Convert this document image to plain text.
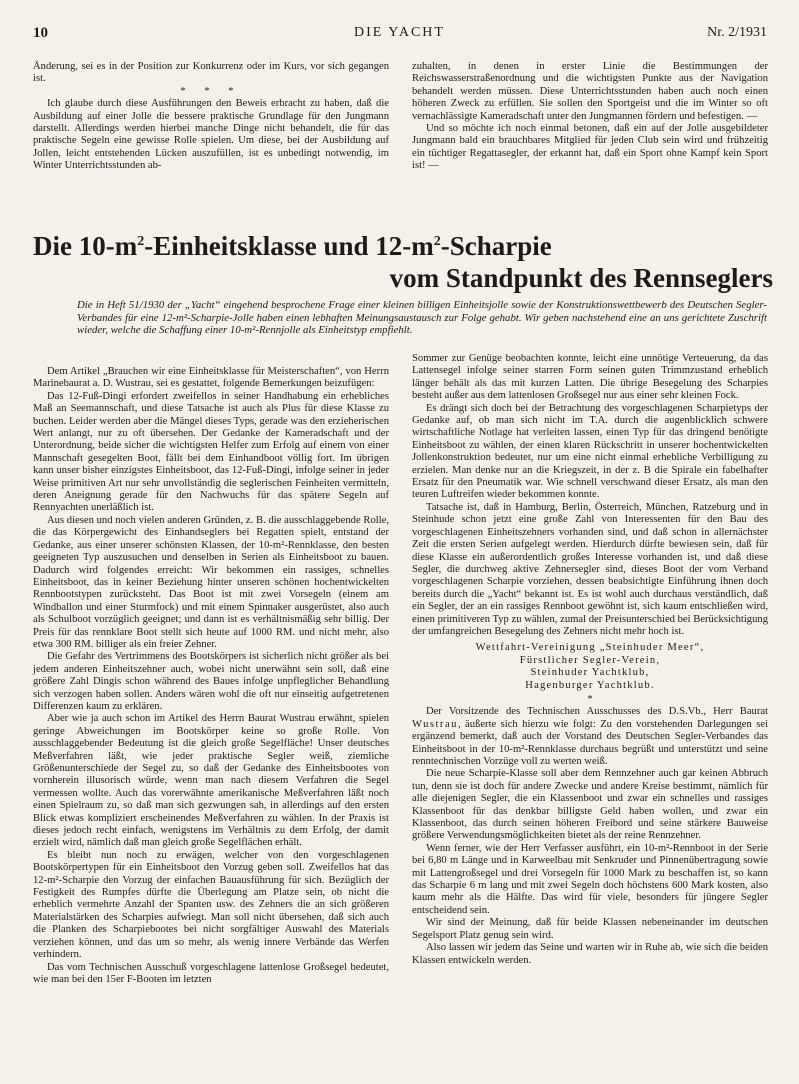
10	DIE YACHT	Nr. 2/1931

Änderung, sei es in der Position zur Konkurrenz oder im Kurs, vor sich gegangen ist.

* * *

Ich glaube durch diese Ausführungen den Beweis erbracht zu haben, daß die Ausbildung auf einer Jolle die bessere praktische Grundlage für den Jungmann darstellt. Allerdings werden hierbei manche Dinge nicht behandelt, die für das praktische Segeln eine gewisse Rolle spielen. Um diese, bei der Ausbildung auf Jollen, leicht entstehenden Lücken auszufüllen, ist es unbedingt notwendig, im Winter Unterrichtsstunden ab-

zuhalten, in denen in erster Linie die Bestimmungen der Reichswasserstraßenordnung und die wichtigsten Punkte aus der Navigation behandelt werden müssen. Diese Unterrichtsstunden haben auch noch einen höheren Zweck zu erfüllen. Sie sollen den Sportgeist und die im Winter so oft vernachlässigte Kameradschaft unter den Jungmannen fördern und befestigen. —

Und so möchte ich noch einmal betonen, daß ein auf der Jolle ausgebildeter Jungmann bald ein brauchbares Mitglied für jeden Club sein wird und frühzeitig ein tüchtiger Regattasegler, der erkannt hat, daß ein Sport ohne Kampf kein Sport ist! —

Die $10-m^2$-Einheitsklasse und $12-m^2$-Scharpie
vom Standpunkt des Rennseglers
Die in Heft 51/1930 der „Yacht“ eingehend besprochene Frage einer kleinen billigen Einheitsjolle sowie der Konstruktionswettbewerb des Deutschen Segler-Verbandes für eine 12-m²-Scharpie-Jolle haben einen lebhaften Meinungsaustausch zur Folge gehabt. Wir geben nachstehend eine an uns gerichtete Zuschrift wieder, welche die Schaffung einer 10-m²-Rennjolle als Einheitstyp empfiehlt.

Dem Artikel „Brauchen wir eine Einheitsklasse für Meisterschaften“, von Herrn Marinebaurat a. D. Wustrau, sei es gestattet, folgende Bemerkungen beizufügen:

Das 12-Fuß-Dingi erfordert zweifellos in seiner Handhabung ein erhebliches Maß an Seemannschaft, und diese Tatsache ist auch als Plus für diese Klasse zu buchen. Leider werden aber die Mängel dieses Typs, gerade was den erzieherischen Wert anlangt, nur zu oft übersehen. Der Gedanke der Kameradschaft und der Unterordnung, beide sicher die wichtigsten Helfer zum Erfolg auf einem von einer Mannschaft gesegelten Boot, fällt bei dem Einhandboot völlig fort. Im übrigen kann unser bisher einzigstes Einheitsboot, das 12-Fuß-Dingi, infolge seiner in jeder Weise primitiven Art nur sehr unvollständig die seglerischen Feinheiten vermitteln, deren Aneignung gerade für den Nachwuchs für das spätere Segeln auf Rennyachten unerläßlich ist.

Aus diesen und noch vielen anderen Gründen, z. B. die ausschlaggebende Rolle, die das Körpergewicht des Einhandseglers bei Regatten spielt, entstand der Gedanke, aus einer unserer schönsten Klassen, der 10-m²-Rennklasse, den besten geeigneten Typ auszusuchen und denselben in Serien als Einheitsboot zu bauen. Dadurch wird folgendes erreicht: Wir bekommen ein rassiges, schnelles Einheitsboot, das in keiner Beziehung hinter unseren schönen hochentwickelten Rennbootstypen zurücksteht. Das Boot ist mit zwei Vorsegeln (einem am Windballon und einer Sturmfock) und mit einem Spinnaker ausgerüstet, also auch als Schulboot vorzüglich geeignet; und dann ist es verhältnismäßig sehr billig. Der Preis für das rennklare Boot stellt sich heute auf 1000 RM. und nicht mehr, also etwa 300 RM. billiger als ein freier Zehner.

Die Gefahr des Vertrimmens des Bootskörpers ist sicherlich nicht größer als bei jedem anderen Einheitszehner auch, wobei nicht unerwähnt sein soll, daß eine größere Zahl Dingis schon während des Baues infolge unpfleglicher Behandlung sich verzogen haben sollen. Anders wären wohl die oft nur einseitig aufgetretenen Differenzen kaum zu erklären.

Aber wie ja auch schon im Artikel des Herrn Baurat Wustrau erwähnt, spielen geringe Abweichungen im Bootskörper keine so große Rolle. Von ausschlaggebender Bedeutung ist die gleich große Segelfläche! Unser deutsches Meßverfahren läßt, wie jeder praktische Segler weiß, ziemliche Größenunterschiede der Segel zu, so daß der Gedanke des Einheitsbootes von vornherein illusorisch würde, wenn man nach diesem Verfahren die Segel vermessen wollte. Auch das vorerwähnte amerikanische Meßverfahren läßt noch einen Spielraum zu, so daß man sich gezwungen sah, in allerdings auf den ersten Blick etwas kompliziert erscheinendes Meßverfahren zu wählen. In der Praxis ist dieses jedoch recht einfach, wenigstens im Verhältnis zu dem Erfolg, der damit erzielt wird, nämlich daß man gleich große Segelflächen erhält.

Es bleibt nun noch zu erwägen, welcher von den vorgeschlagenen Bootskörpertypen für ein Einheitsboot den Vorzug geben soll. Zweifellos hat das 12-m²-Scharpie den Vorzug der einfachen Bauausführung für sich. Bezüglich der Festigkeit des Rumpfes dürfte die Überlegung am Platze sein, ob nicht die erheblich vermehrte Anzahl der Spanten usw. des Zehners die an sich größeren Materialstärken des Scharpies aufwiegt. Man soll nicht übersehen, daß sich auch die Planken des Scharpiebootes bei nicht sorgfältiger Auswahl des Materials verziehen können, und das um so mehr, als wenig innere Verbände das Werfen verhindern.

Das vom Technischen Ausschuß vorgeschlagene lattenlose Großsegel bedeutet, wie man bei den 15er F-Booten im letzten

Sommer zur Genüge beobachten konnte, leicht eine unnötige Verteuerung, da das Lattensegel infolge seiner starren Form seinen guten Trimmzustand erheblich länger behält als das mit kurzen Latten. Die übrige Besegelung des Scharpies besteht außer aus dem lattenlosen Großsegel nur aus einer sehr kleinen Fock.

Es drängt sich doch bei der Betrachtung des vorgeschlagenen Scharpietyps der Gedanke auf, ob man sich nicht im T.A. durch die augenblicklich schwere wirtschaftliche Notlage hat verleiten lassen, einen Typ für das dringend benötigte Einheitsboot zu wählen, der einen klaren Rückschritt in unserer hochentwickelten Jollenkonstruktion bedeutet, nur um eine nicht einmal erhebliche Verbilligung zu erzielen. Man denke nur an die Kriegszeit, in der z. B die Spirale ein fabelhafter Ersatz für den Pneumatik war. Wie schnell verschwand dieser Ersatz, als man den teuren Luftreifen wieder bekommen konnte.

Tatsache ist, daß in Hamburg, Berlin, Österreich, München, Ratzeburg und in Steinhude schon jetzt eine große Zahl von Interessenten für den Bau des vorgeschlagenen Einheitszehners vorhanden sind, und daß schon in allernächster Zeit die ersten Serien aufgelegt werden. Hierdurch dürfte bewiesen sein, daß für diese Klasse ein außerordentlich großes Interesse vorhanden ist, und daß diese Segler, die durchweg aktive Zehnersegler sind, dieses Boot der vom Verband vorgeschlagenen Scharpie vorziehen, dessen beabsichtigte Einführung ihnen doch bereits durch die „Yacht“ bekannt ist. Es ist wohl auch durchaus verständlich, daß ein Segler, der an ein rassiges Rennboot gewöhnt ist, sich kaum entschließen wird, einen primitiveren Typ zu wählen, zumal der Preisunterschied bei Berücksichtigung der umfangreichen Besegelung des Zehners nicht mehr hoch ist.

Wettfahrt-Vereinigung „Steinhuder Meer“,

Fürstlicher Segler-Verein,

Steinhuder Yachtklub,

Hagenburger Yachtklub.

*

Der Vorsitzende des Technischen Ausschusses des D.S.Vb., Herr Baurat Wustrau, äußerte sich hierzu wie folgt: Zu den vorstehenden Darlegungen sei ergänzend bemerkt, daß auch der Vorstand des Deutschen Segler-Verbandes das Einheitsboot in der 10-m²-Rennklasse durchaus begrüßt und unterstützt und seine renntechnischen Vorzüge voll zu werten weiß.

Die neue Scharpie-Klasse soll aber dem Rennzehner auch gar keinen Abbruch tun, denn sie ist doch für andere Zwecke und andere Kreise bestimmt, nämlich für alle diejenigen Segler, die ein Klassenboot und zwar ein schnelles und rassiges Klassenboot für das denkbar billigste Geld haben wollen, und zwar ein Klassenboot, das durch seinen höheren Freibord und seine stärkere Bauweise größere Verwendungsmöglichkeiten bietet als der reine Rennzehner.

Wenn ferner, wie der Herr Verfasser ausführt, ein 10-m²-Rennboot in der Serie bei 6,80 m Länge und in Karweelbau mit Senkruder und Pinnenübertragung sowie mit Lattengroßsegel und drei Vorsegeln für 1000 Mark zu beschaffen ist, so kann das Scharpie 6 m lang und mit zwei Segeln doch höchstens 600 Mark kosten, also kaum mehr als die Hälfte. Das wird für viele, besonders für jüngere Segler entscheidend sein.

Wir sind der Meinung, daß für beide Klassen nebeneinander im deutschen Segelsport Platz genug sein wird.

Also lassen wir jedem das Seine und warten wir in Ruhe ab, wie sich die beiden Klassen entwickeln werden.
